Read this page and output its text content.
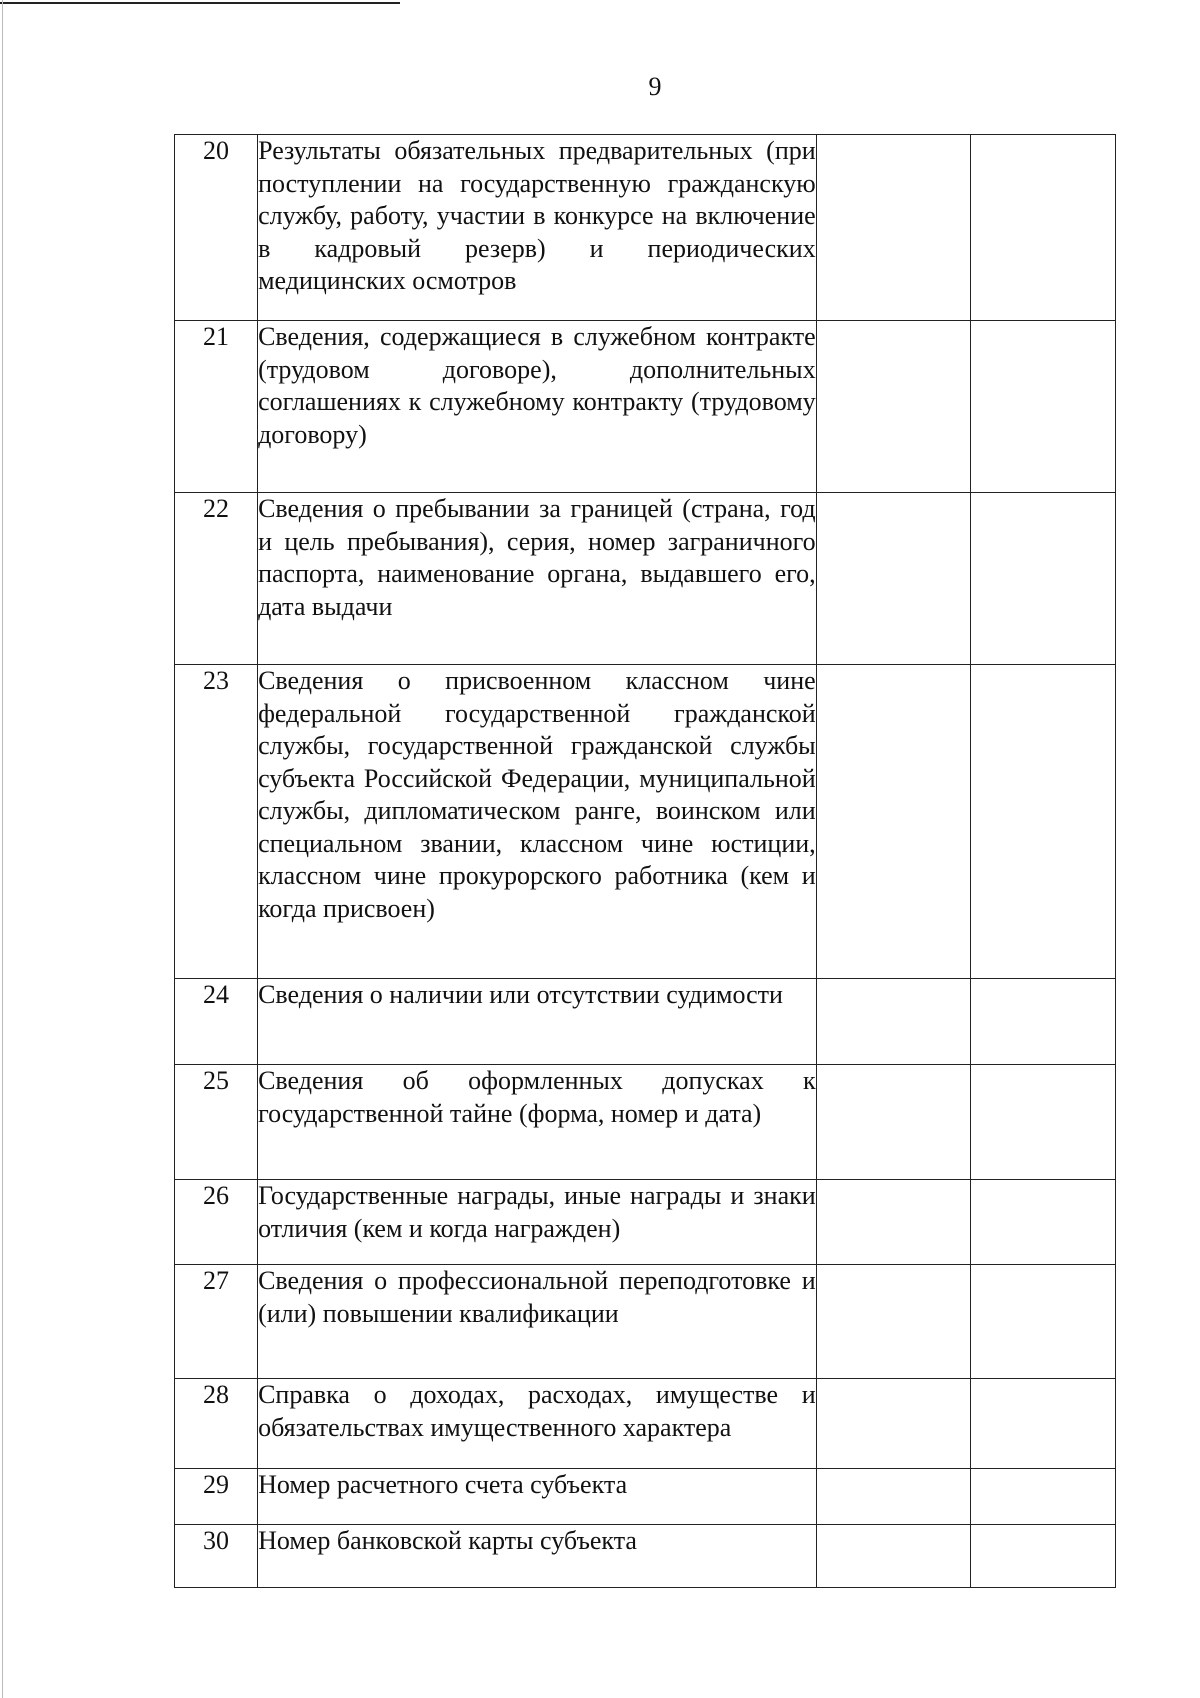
9
20	Результаты обязательных предварительных (при поступлении на государственную гражданскую службу, работу, участии в конкурсе на включение в кадровый резерв) и периодических медицинских осмотров		
21	Сведения, содержащиеся в служебном контракте (трудовом договоре), дополнительных соглашениях к служебному контракту (трудовому договору)		
22	Сведения о пребывании за границей (страна, год и цель пребывания), серия, номер заграничного паспорта, наименование органа, выдавшего его, дата выдачи		
23	Сведения о присвоенном классном чине федеральной государственной гражданской службы, государственной гражданской службы субъекта Российской Федерации, муниципальной службы, дипломатическом ранге, воинском или специальном звании, классном чине юстиции, классном чине прокурорского работника (кем и когда присвоен)		
24	Сведения о наличии или отсутствии судимости		
25	Сведения об оформленных допусках к государственной тайне (форма, номер и дата)		
26	Государственные награды, иные награды и знаки отличия (кем и когда награжден)		
27	Сведения о профессиональной переподготовке и (или) повышении квалификации		
28	Справка о доходах, расходах, имуществе и обязательствах имущественного характера		
29	Номер расчетного счета субъекта		
30	Номер банковской карты субъекта		
